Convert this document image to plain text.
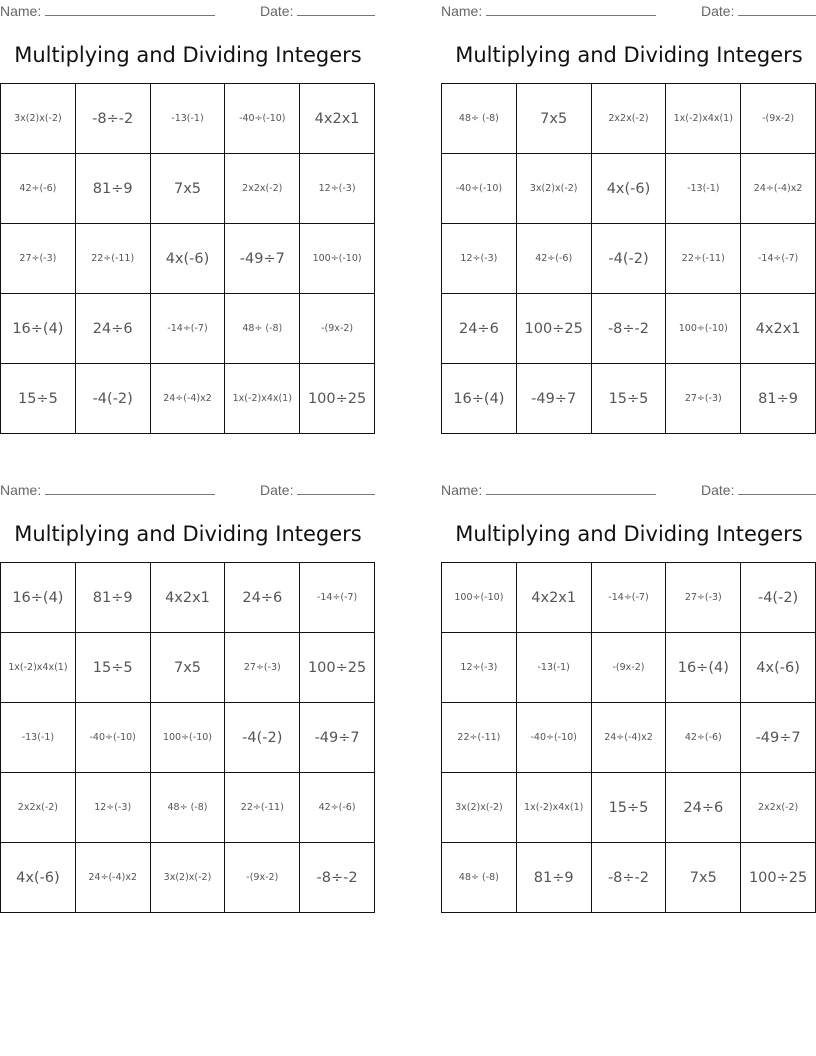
Name:	Date:
Multiplying and Dividing Integers
3x(2)x(-2)	-8÷-2	-13(-1)	-40÷(-10)	4x2x1
42÷(-6)	81÷9	7x5	2x2x(-2)	12÷(-3)
27÷(-3)	22÷(-11)	4x(-6)	-49÷7	100÷(-10)
16÷(4)	24÷6	-14÷(-7)	48÷ (-8)	-(9x-2)
15÷5	-4(-2)	24÷(-4)x2	1x(-2)x4x(1)	100÷25
Name:	Date:
Multiplying and Dividing Integers
48÷ (-8)	7x5	2x2x(-2)	1x(-2)x4x(1)	-(9x-2)
-40÷(-10)	3x(2)x(-2)	4x(-6)	-13(-1)	24÷(-4)x2
12÷(-3)	42÷(-6)	-4(-2)	22÷(-11)	-14÷(-7)
24÷6	100÷25	-8÷-2	100÷(-10)	4x2x1
16÷(4)	-49÷7	15÷5	27÷(-3)	81÷9
Name:	Date:
Multiplying and Dividing Integers
16÷(4)	81÷9	4x2x1	24÷6	-14÷(-7)
1x(-2)x4x(1)	15÷5	7x5	27÷(-3)	100÷25
-13(-1)	-40÷(-10)	100÷(-10)	-4(-2)	-49÷7
2x2x(-2)	12÷(-3)	48÷ (-8)	22÷(-11)	42÷(-6)
4x(-6)	24÷(-4)x2	3x(2)x(-2)	-(9x-2)	-8÷-2
Name:	Date:
Multiplying and Dividing Integers
100÷(-10)	4x2x1	-14÷(-7)	27÷(-3)	-4(-2)
12÷(-3)	-13(-1)	-(9x-2)	16÷(4)	4x(-6)
22÷(-11)	-40÷(-10)	24÷(-4)x2	42÷(-6)	-49÷7
3x(2)x(-2)	1x(-2)x4x(1)	15÷5	24÷6	2x2x(-2)
48÷ (-8)	81÷9	-8÷-2	7x5	100÷25
